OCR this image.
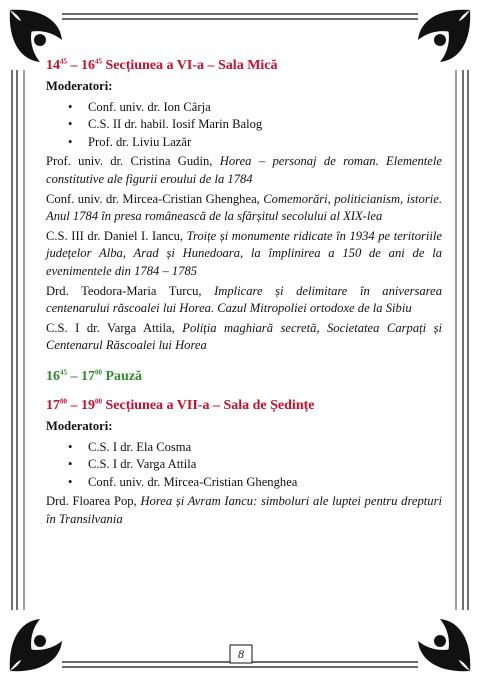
$14^{45} - 16^{45}$ Secțiunea a VI-a – Sala Mică

Moderatori:
• Conf. univ. dr. Ion Cârja
• C.S. II dr. habil. Iosif Marin Balog
• Prof. dr. Liviu Lazăr
Prof. univ. dr. Cristina Gudin, Horea – personaj de roman. Elementele constitutive ale figurii eroului de la 1784
Conf. univ. dr. Mircea-Cristian Ghenghea, Comemorări, politicianism, istorie. Anul 1784 în presa românească de la sfârșitul secolului al XIX-lea
C.S. III dr. Daniel I. Iancu, Troițe și monumente ridicate în 1934 pe teritoriile județelor Alba, Arad și Hunedoara, la împlinirea a 150 de ani de la evenimentele din 1784 – 1785
Drd. Teodora-Maria Turcu, Implicare și delimitare în aniversarea centenarului răscoalei lui Horea. Cazul Mitropoliei ortodoxe de la Sibiu
C.S. I dr. Varga Attila, Poliția maghiară secretă, Societatea Carpați și Centenarul Răscoalei lui Horea

$16^{45} - 17^{00}$ Pauză

$17^{00} - 19^{00}$ Secțiunea a VII-a – Sala de Ședințe

Moderatori:
• C.S. I dr. Ela Cosma
• C.S. I dr. Varga Attila
• Conf. univ. dr. Mircea-Cristian Ghenghea
Drd. Floarea Pop, Horea și Avram Iancu: simboluri ale luptei pentru drepturi în Transilvania
8
